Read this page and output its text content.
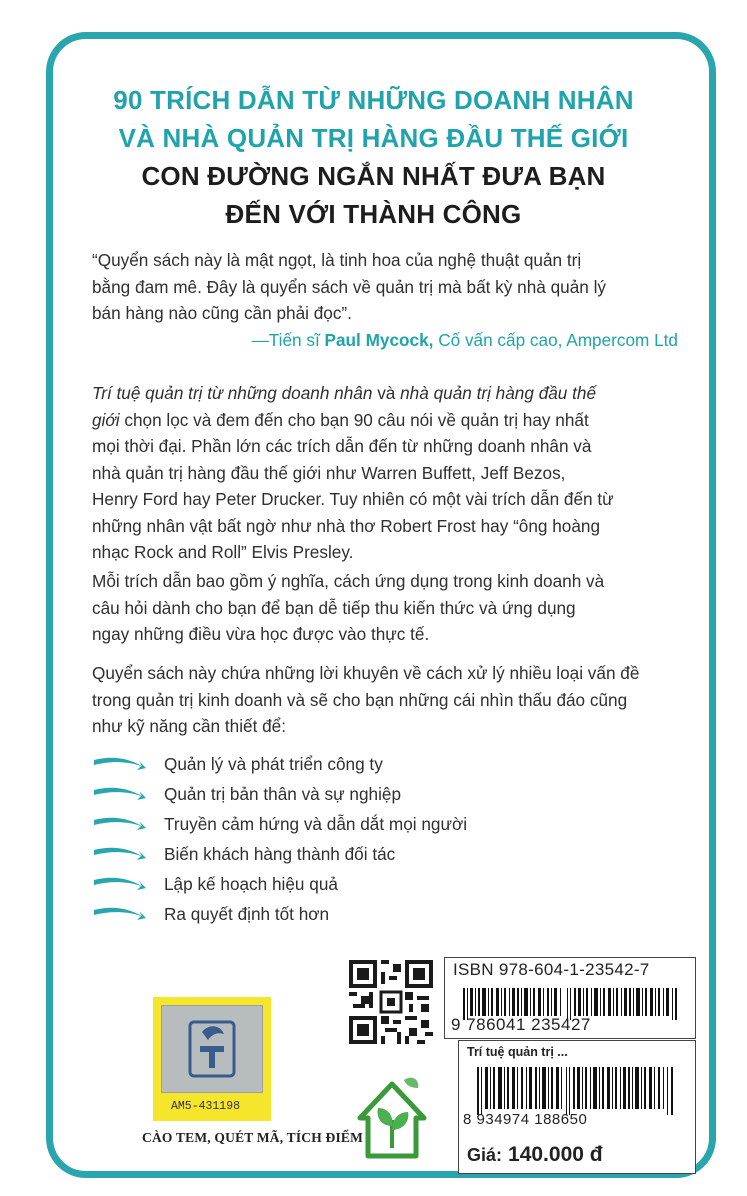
90 TRÍCH DẪN TỪ NHỮNG DOANH NHÂN
VÀ NHÀ QUẢN TRỊ HÀNG ĐẦU THẾ GIỚI
CON ĐƯỜNG NGẮN NHẤT ĐƯA BẠN
ĐẾN VỚI THÀNH CÔNG

“Quyển sách này là mật ngọt, là tinh hoa của nghệ thuật quản trị

bằng đam mê. Đây là quyển sách về quản trị mà bất kỳ nhà quản lý

bán hàng nào cũng cần phải đọc”.

—Tiến sĩ Paul Mycock, Cố vấn cấp cao, Ampercom Ltd

Trí tuệ quản trị từ những doanh nhân và nhà quản trị hàng đầu thế

giới chọn lọc và đem đến cho bạn 90 câu nói về quản trị hay nhất

mọi thời đại. Phần lớn các trích dẫn đến từ những doanh nhân và

nhà quản trị hàng đầu thế giới như Warren Buffett, Jeff Bezos,

Henry Ford hay Peter Drucker. Tuy nhiên có một vài trích dẫn đến từ

những nhân vật bất ngờ như nhà thơ Robert Frost hay “ông hoàng

nhạc Rock and Roll” Elvis Presley.

Mỗi trích dẫn bao gồm ý nghĩa, cách ứng dụng trong kinh doanh và

câu hỏi dành cho bạn để bạn dễ tiếp thu kiến thức và ứng dụng

ngay những điều vừa học được vào thực tế.

Quyển sách này chứa những lời khuyên về cách xử lý nhiều loại vấn đề

trong quản trị kinh doanh và sẽ cho bạn những cái nhìn thấu đáo cũng

như kỹ năng cần thiết để:

Quản lý và phát triển công ty
Quản trị bản thân và sự nghiệp
Truyền cảm hứng và dẫn dắt mọi người
Biến khách hàng thành đối tác
Lập kế hoạch hiệu quả
Ra quyết định tốt hơn
AM5-431198
CÀO TEM, QUÉT MÃ, TÍCH ĐIỂM
ISBN 978-604-1-23542-7
9 786041 235427
Trí tuệ quản trị ...
8 934974 188650
Giá: 140.000 đ
